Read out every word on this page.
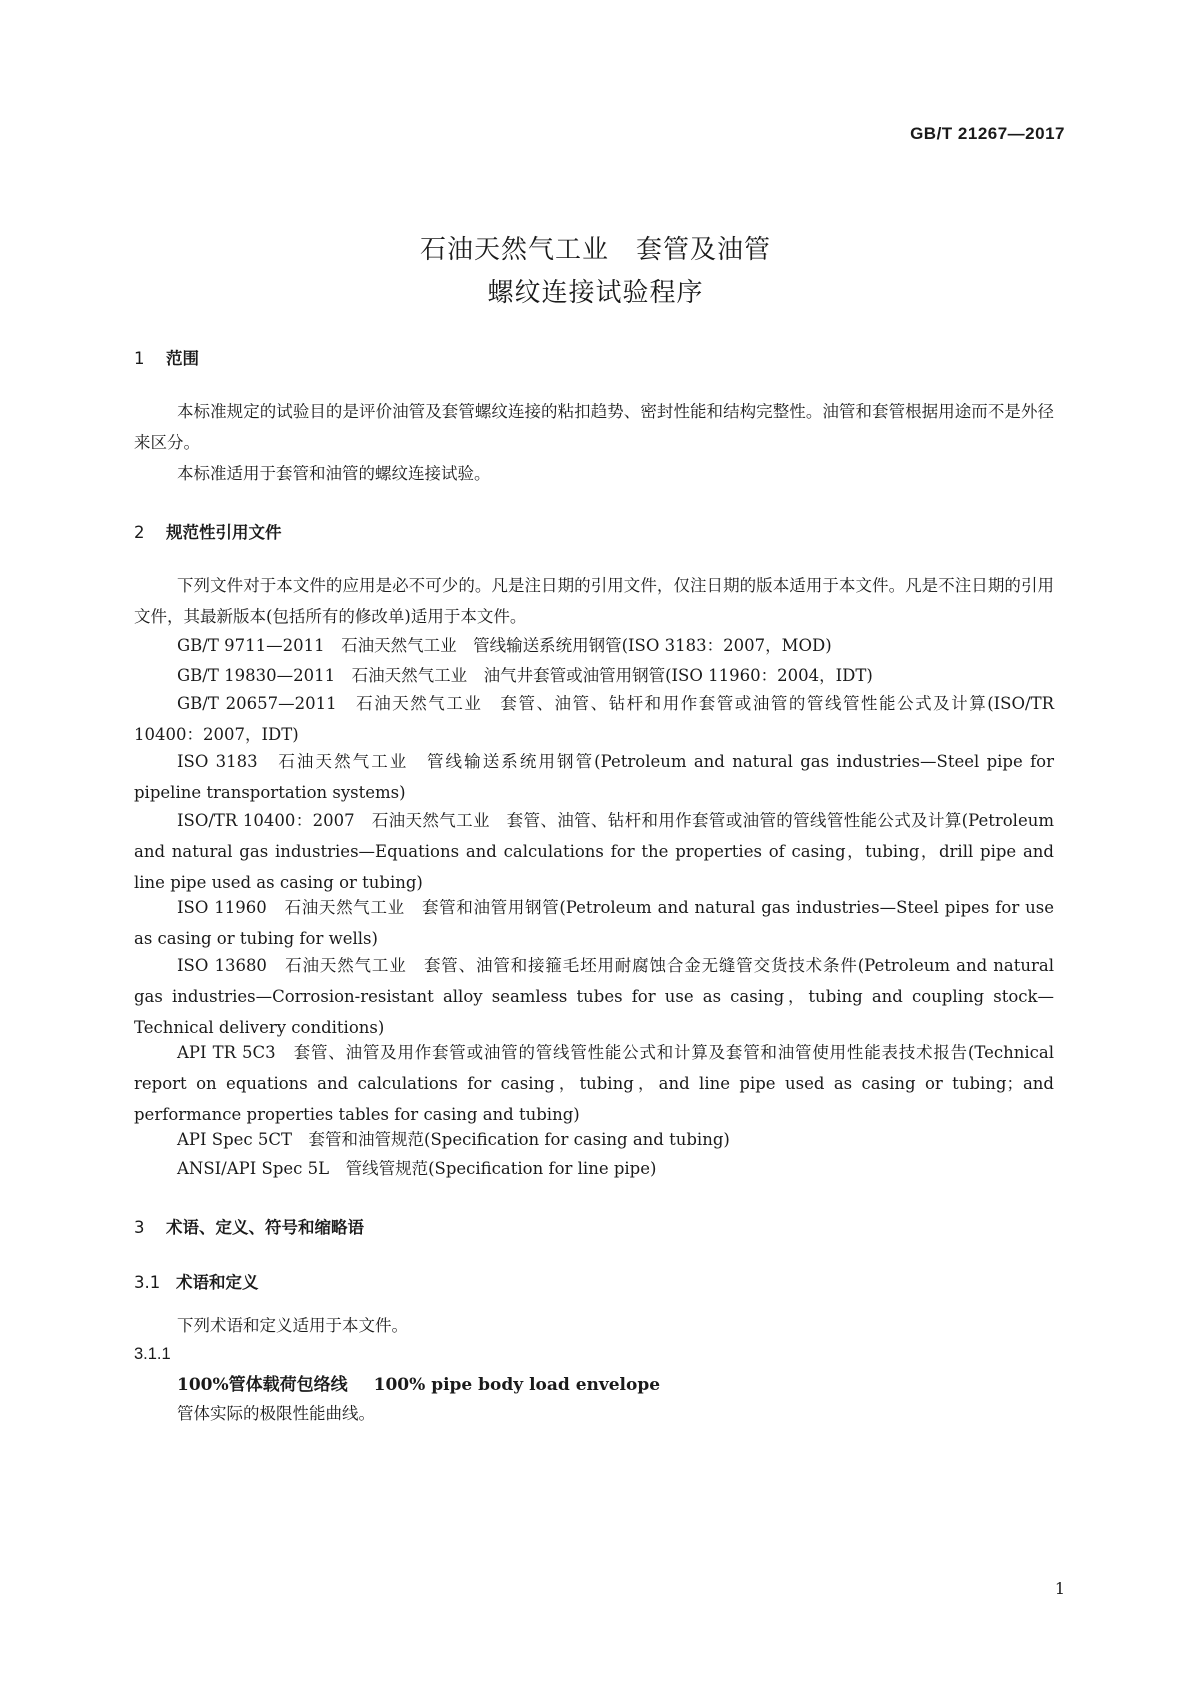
GB/T 21267—2017
石油天然气工业　套管及油管
螺纹连接试验程序
1 范围
本标准规定的试验目的是评价油管及套管螺纹连接的粘扣趋势、密封性能和结构完整性。油管和套管根据用途而不是外径来区分。
本标准适用于套管和油管的螺纹连接试验。
2 规范性引用文件
下列文件对于本文件的应用是必不可少的。凡是注日期的引用文件，仅注日期的版本适用于本文件。凡是不注日期的引用文件，其最新版本(包括所有的修改单)适用于本文件。
GB/T 9711—2011　石油天然气工业　管线输送系统用钢管(ISO 3183：2007，MOD)
GB/T 19830—2011　石油天然气工业　油气井套管或油管用钢管(ISO 11960：2004，IDT)
GB/T 20657—2011　石油天然气工业　套管、油管、钻杆和用作套管或油管的管线管性能公式及计算(ISO/TR 10400：2007，IDT)
ISO 3183　石油天然气工业　管线输送系统用钢管(Petroleum and natural gas industries—Steel pipe for pipeline transportation systems)
ISO/TR 10400：2007　石油天然气工业　套管、油管、钻杆和用作套管或油管的管线管性能公式及计算(Petroleum and natural gas industries—Equations and calculations for the properties of casing，tubing，drill pipe and line pipe used as casing or tubing)
ISO 11960　石油天然气工业　套管和油管用钢管(Petroleum and natural gas industries—Steel pipes for use as casing or tubing for wells)
ISO 13680　石油天然气工业　套管、油管和接箍毛坯用耐腐蚀合金无缝管交货技术条件(Petroleum and natural gas industries—Corrosion-resistant alloy seamless tubes for use as casing，tubing and coupling stock—Technical delivery conditions)
API TR 5C3　套管、油管及用作套管或油管的管线管性能公式和计算及套管和油管使用性能表技术报告(Technical report on equations and calculations for casing，tubing，and line pipe used as casing or tubing；and performance properties tables for casing and tubing)
API Spec 5CT　套管和油管规范(Specification for casing and tubing)
ANSI/API Spec 5L　管线管规范(Specification for line pipe)
3 术语、定义、符号和缩略语
3.1 术语和定义
下列术语和定义适用于本文件。
3.1.1
100%管体载荷包络线 100% pipe body load envelope
管体实际的极限性能曲线。
1
